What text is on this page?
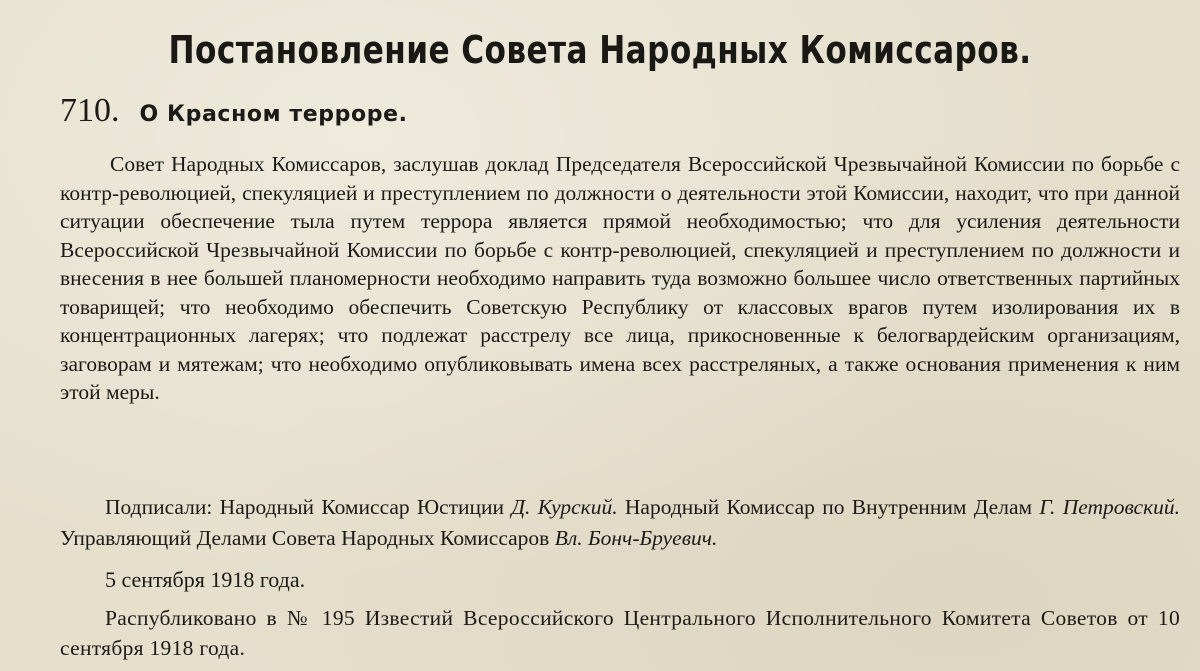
Постановление Совета Народных Комиссаров.
710. О Красном терроре.

Совет Народных Комиссаров, заслушав доклад Председателя Всероссийской Чрезвычайной Комиссии по борьбе с контр-революцией, спекуляцией и преступлением по должности о деятельности этой Комиссии, находит, что при данной ситуации обеспечение тыла путем террора является прямой необходимостью; что для усиления деятельности Всероссийской Чрезвычайной Комиссии по борьбе с контр-революцией, спекуляцией и преступлением по должности и внесения в нее большей планомерности необходимо направить туда возможно большее число ответственных партийных товарищей; что необходимо обеспечить Советскую Республику от классовых врагов путем изолирования их в концентрационных лагерях; что подлежат расстрелу все лица, прикосновенные к белогвардейским организациям, заговорам и мятежам; что необходимо опубликовывать имена всех расстреляных, а также основания применения к ним этой меры.

Подписали: Народный Комиссар Юстиции Д. Курский. Народный Комиссар по Внутренним Делам Г. Петровский. Управляющий Делами Совета Народных Комиссаров Вл. Бонч-Бруевич.

5 сентября 1918 года.

Распубликовано в № 195 Известий Всероссийского Центрального Исполнительного Комитета Советов от 10 сентября 1918 года.
